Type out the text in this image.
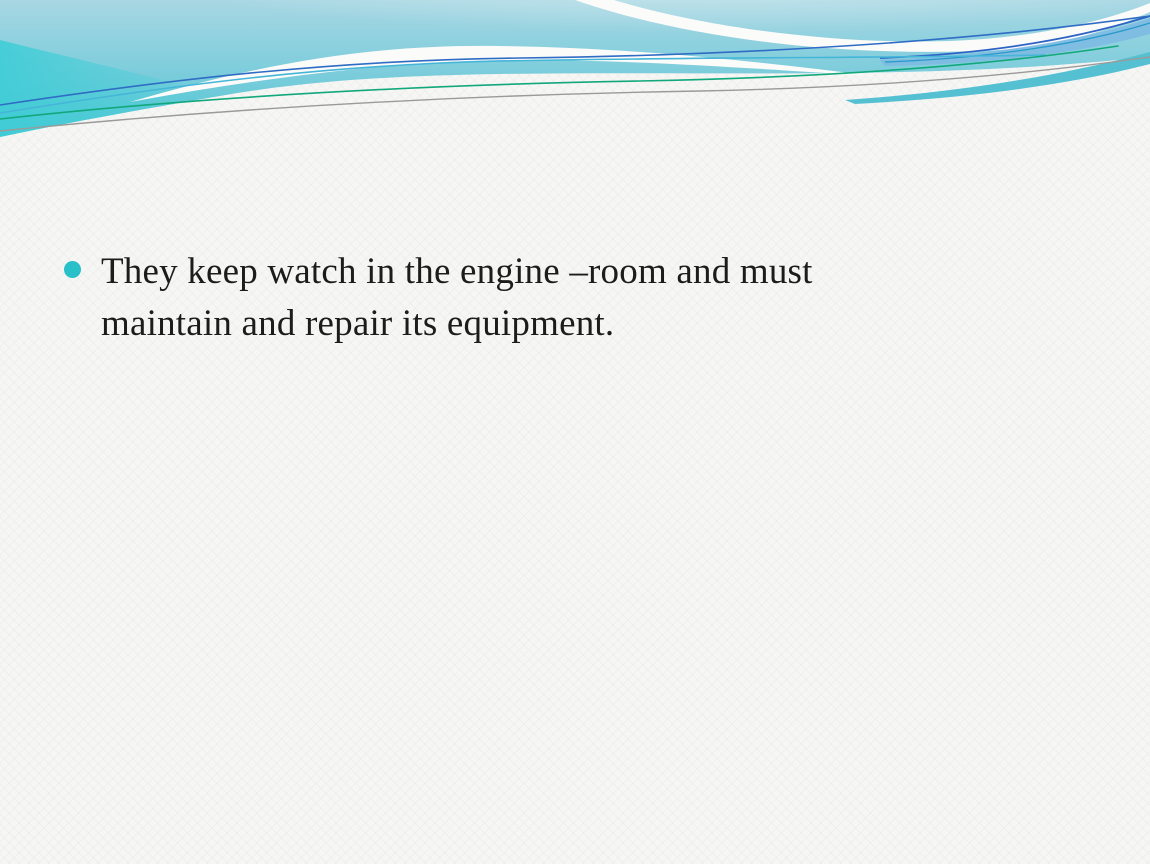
They keep watch in the engine –room and must
maintain and repair its equipment.
